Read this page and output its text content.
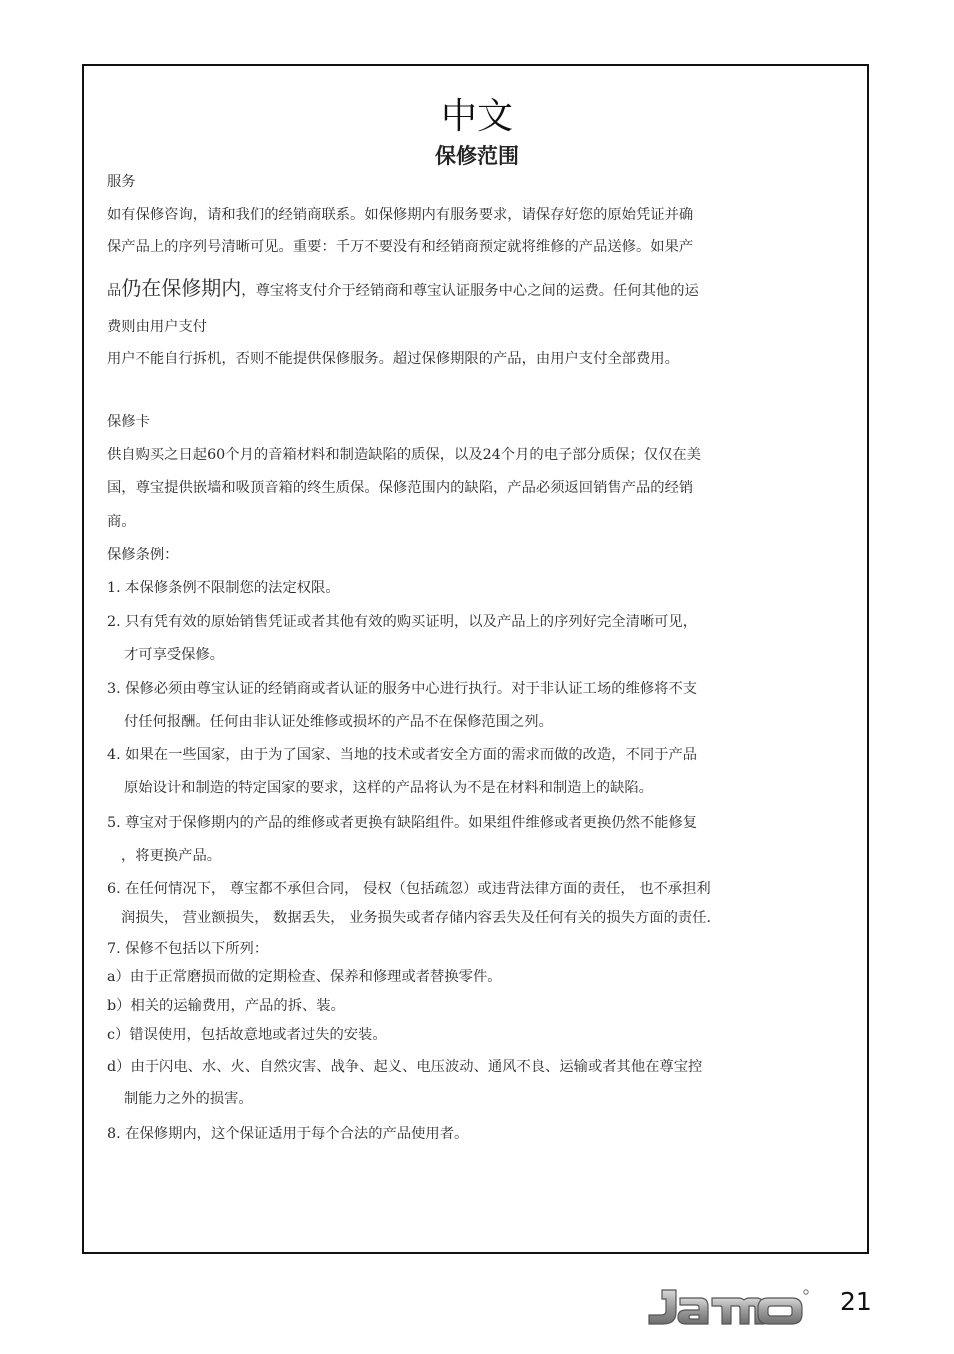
中文
保修范围
服务
如有保修咨询，请和我们的经销商联系。如保修期内有服务要求，请保存好您的原始凭证并确
保产品上的序列号清晰可见。重要：千万不要没有和经销商预定就将维修的产品送修。如果产
品仍在保修期内，尊宝将支付介于经销商和尊宝认证服务中心之间的运费。任何其他的运
费则由用户支付
用户不能自行拆机，否则不能提供保修服务。超过保修期限的产品，由用户支付全部费用。
保修卡
供自购买之日起60个月的音箱材料和制造缺陷的质保，以及24个月的电子部分质保；仅仅在美
国，尊宝提供嵌墙和吸顶音箱的终生质保。保修范围内的缺陷，产品必须返回销售产品的经销
商。
保修条例：
1. 本保修条例不限制您的法定权限。
2. 只有凭有效的原始销售凭证或者其他有效的购买证明，以及产品上的序列好完全清晰可见，
才可享受保修。
3. 保修必须由尊宝认证的经销商或者认证的服务中心进行执行。对于非认证工场的维修将不支
付任何报酬。任何由非认证处维修或损坏的产品不在保修范围之列。
4. 如果在一些国家，由于为了国家、当地的技术或者安全方面的需求而做的改造，不同于产品
原始设计和制造的特定国家的要求，这样的产品将认为不是在材料和制造上的缺陷。
5. 尊宝对于保修期内的产品的维修或者更换有缺陷组件。如果组件维修或者更换仍然不能修复
，将更换产品。
6. 在任何情况下， 尊宝都不承但合同， 侵权（包括疏忽）或违背法律方面的责任， 也不承担利
润损失， 营业额损失， 数据丢失， 业务损失或者存储内容丢失及任何有关的损失方面的责任.
7. 保修不包括以下所列：
a）由于正常磨损而做的定期检查、保养和修理或者替换零件。
b）相关的运输费用，产品的拆、装。
c）错误使用，包括故意地或者过失的安装。
d）由于闪电、水、火、自然灾害、战争、起义、电压波动、通风不良、运输或者其他在尊宝控
制能力之外的损害。
8. 在保修期内，这个保证适用于每个合法的产品使用者。
21
